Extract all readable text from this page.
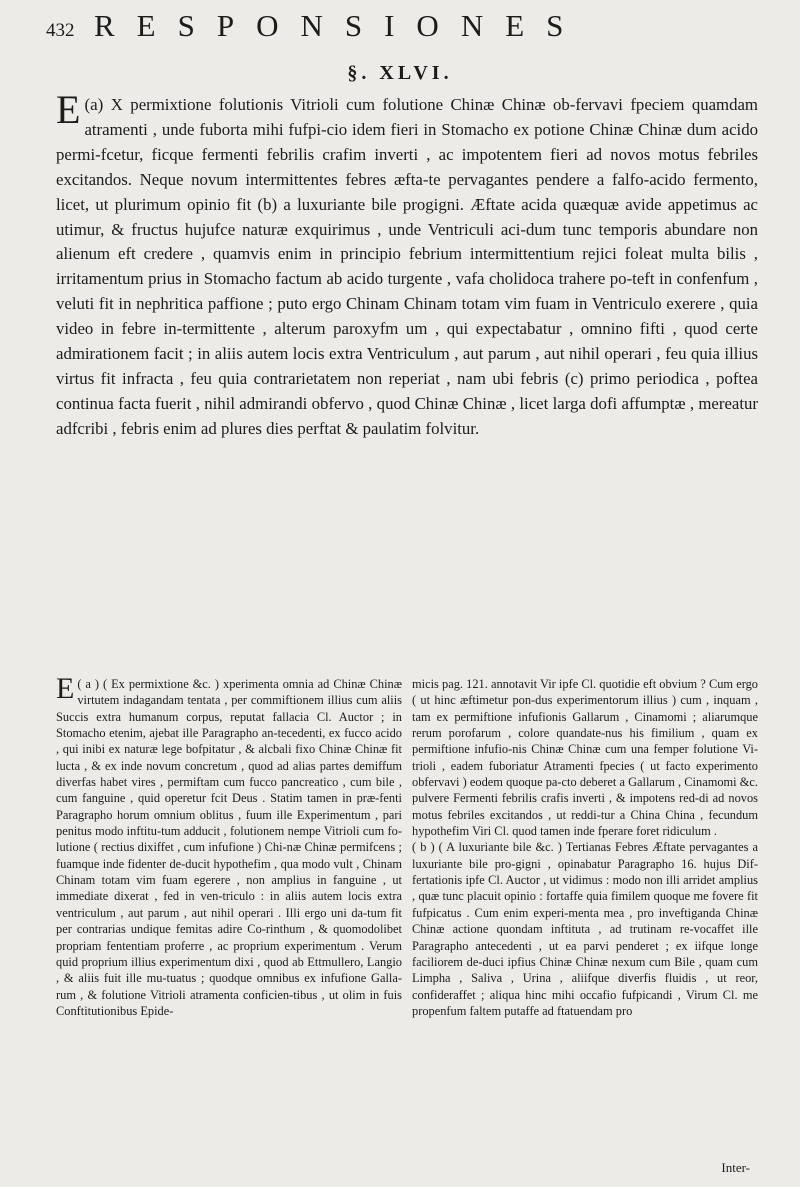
432 RESPONSIONES
§. XLVI.
(a)
E X permixtione folutionis Vitrioli cum folutione Chinæ Chinæ ob-fervavi fpeciem quamdam atramenti , unde fuborta mihi fufpi-cio idem fieri in Stomacho ex potione Chinæ Chinæ dum acido permi-fcetur, ficque fermenti febrilis crafim inverti , ac impotentem fieri ad novos motus febriles excitandos. Neque novum intermittentes febres æfta-te pervagantes pendere a falfo-acido fermento, licet, ut plurimum opinio fit (b) a luxuriante bile progigni. Æftate acida quæquæ avide appetimus ac utimur, & fructus hujufce naturæ exquirimus , unde Ventriculi aci-dum tunc temporis abundare non alienum eft credere , quamvis enim in principio febrium intermittentium rejici foleat multa bilis , irritamentum prius in Stomacho factum ab acido turgente , vafa cholidoca trahere po-teft in confenfum , veluti fit in nephritica paffione ; puto ergo Chinam Chinam totam vim fuam in Ventriculo exerere , quia video in febre in-termittente , alterum paroxyfm um , qui expectabatur , omnino fifti , quod certe admirationem facit ; in aliis autem locis extra Ventriculum , aut parum , aut nihil operari , feu quia illius virtus fit infracta , feu quia contrarietatem non reperiat , nam ubi febris (c) primo periodica , poftea continua facta fuerit , nihil admirandi obfervo , quod Chinæ Chinæ , licet larga dofi affumptæ , mereatur adfcribi , febris enim ad plures dies perftat & paulatim folvitur.
( a ) ( Ex permixtione &c. )
E	xperimenta omnia ad Chinæ Chinæ virtutem indagandam tentata , per commiftionem illius cum aliis Succis extra humanum corpus, reputat fallacia Cl. Auctor ; in Stomacho etenim, ajebat ille Paragrapho an-tecedenti, ex fucco acido , qui inibi ex naturæ lege bofpitatur , & alcbali fixo Chinæ Chinæ fit lucta , & ex inde novum concretum , quod ad alias partes demiffum diverfas habet vires , permiftam cum fucco pancreatico , cum bile , cum fanguine , quid operetur fcit Deus . Statim tamen in præ-fenti Paragrapho horum omnium oblitus , fuum ille Experimentum , pari penitus modo inftitu-tum adducit , folutionem nempe Vitrioli cum fo-lutione ( rectius dixiffet , cum infufione ) Chi-næ Chinæ permifcens ; fuamque inde fidenter de-ducit hypothefim , qua modo vult , Chinam Chinam totam vim fuam egerere , non amplius in fanguine , ut immediate dixerat , fed in ven-triculo : in aliis autem locis extra ventriculum , aut parum , aut nihil operari . Illi ergo uni da-tum fit per contrarias undique femitas adire Co-rinthum , & quomodolibet propriam fententiam proferre , ac proprium experimentum . Verum quid proprium illius experimentum dixi , quod ab Ettmullero, Langio , & aliis fuit ille mu-tuatus ; quodque omnibus ex infufione Galla-rum , & folutione Vitrioli atramenta conficien-tibus , ut olim in fuis Conftitutionibus Epide-
micis pag. 121. annotavit Vir ipfe Cl. quotidie eft obvium ? Cum ergo ( ut hinc æftimetur pon-dus experimentorum illius ) cum , inquam , tam ex permiftione infufionis Gallarum , Cinamomi ; aliarumque rerum porofarum , colore quandate-nus his fimilium , quam ex permiftione infufio-nis Chinæ Chinæ cum una femper folutione Vi-trioli , eadem fuboriatur Atramenti fpecies ( ut facto experimento obfervavi ) eodem quoque pa-cto deberet a Gallarum , Cinamomi &c. pulvere Fermenti febrilis crafis inverti , & impotens red-di ad novos motus febriles excitandos , ut reddi-tur a China China , fecundum hypothefim Viri Cl. quod tamen inde fperare foret ridiculum .
( b ) ( A luxuriante bile &c. ) Tertianas Febres Æftate pervagantes a luxuriante bile pro-gigni , opinabatur Paragrapho 16. hujus Dif-fertationis ipfe Cl. Auctor , ut vidimus : modo non illi arridet amplius , quæ tunc placuit opinio : fortaffe quia fimilem quoque me fovere fit fufpicatus . Cum enim experi-menta mea , pro inveftiganda Chinæ Chinæ actione quondam inftituta , ad trutinam re-vocaffet ille Paragrapho antecedenti , ut ea parvi penderet ; ex iifque longe faciliorem de-duci ipfius Chinæ Chinæ nexum cum Bile , quam cum Limpha , Saliva , Urina , aliifque diverfis fluidis , ut reor, confideraffet ; aliqua hinc mihi occafio fufpicandi , Virum Cl. me propenfum faltem putaffe ad ftatuendam pro
Inter-
